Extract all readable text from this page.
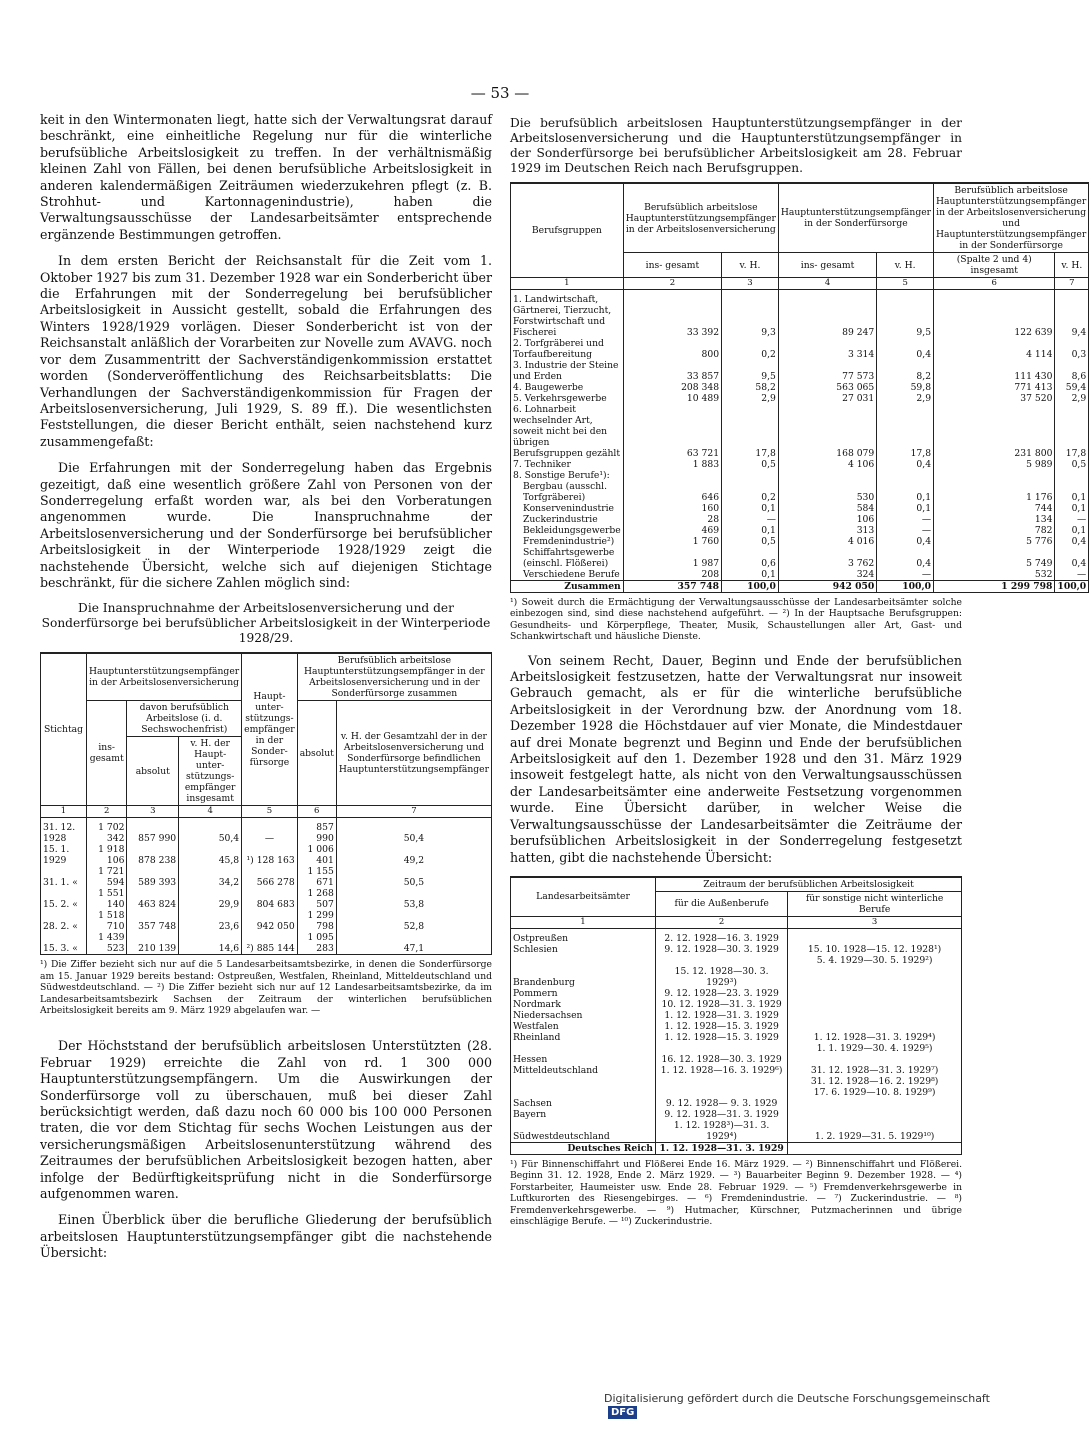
— 53 —

keit in den Wintermonaten liegt, hatte sich der Verwaltungsrat darauf beschränkt, eine einheitliche Regelung nur für die winterliche berufsübliche Arbeitslosigkeit zu treffen. In der verhältnismäßig kleinen Zahl von Fällen, bei denen berufsübliche Arbeitslosigkeit in anderen kalendermäßigen Zeiträumen wiederzukehren pflegt (z. B. Strohhut- und Kartonnagenindustrie), haben die Verwaltungsausschüsse der Landesarbeitsämter entsprechende ergänzende Bestimmungen getroffen.

In dem ersten Bericht der Reichsanstalt für die Zeit vom 1. Oktober 1927 bis zum 31. Dezember 1928 war ein Sonderbericht über die Erfahrungen mit der Sonderregelung bei berufsüblicher Arbeitslosigkeit in Aussicht gestellt, sobald die Erfahrungen des Winters 1928/1929 vorlägen. Dieser Sonderbericht ist von der Reichsanstalt anläßlich der Vorarbeiten zur Novelle zum AVAVG. noch vor dem Zusammentritt der Sachverständigenkommission erstattet worden (Sonderveröffentlichung des Reichsarbeitsblatts: Die Verhandlungen der Sachverständigenkommission für Fragen der Arbeitslosenversicherung, Juli 1929, S. 89 ff.). Die wesentlichsten Feststellungen, die dieser Bericht enthält, seien nachstehend kurz zusammengefaßt:

Die Erfahrungen mit der Sonderregelung haben das Ergebnis gezeitigt, daß eine wesentlich größere Zahl von Personen von der Sonderregelung erfaßt worden war, als bei den Vorberatungen angenommen wurde. Die Inanspruchnahme der Arbeitslosenversicherung und der Sonderfürsorge bei berufsüblicher Arbeitslosigkeit in der Winterperiode 1928/1929 zeigt die nachstehende Übersicht, welche sich auf diejenigen Stichtage beschränkt, für die sichere Zahlen möglich sind:

Die Inanspruchnahme der Arbeitslosenversicherung und der Sonderfürsorge bei berufsüblicher Arbeitslosigkeit in der Winterperiode 1928/29.
Stichtag	Hauptunterstützungsempfänger in der Arbeitslosenversicherung			Haupt- unter- stützungs- empfänger in der Sonder- fürsorge	Berufsüblich arbeitslose Hauptunterstützungsempfänger in der Arbeitslosenversicherung und in der Sonderfürsorge zusammen	
	ins- gesamt	davon berufsüblich Arbeitslose (i. d. Sechswochenfrist)			absolut	v. H. der Gesamtzahl der in der Arbeitslosenversicherung und Sonderfürsorge befindlichen Hauptunterstützungsempfänger
		absolut	v. H. der Haupt- unter- stützungs- empfänger insgesamt			
1	2	3	4	5	6	7
31. 12. 1928	1 702 342	857 990	50,4	—	857 990	50,4
15. 1. 1929	1 918 106	878 238	45,8	¹) 128 163	1 006 401	49,2
31. 1. «	1 721 594	589 393	34,2	566 278	1 155 671	50,5
15. 2. «	1 551 140	463 824	29,9	804 683	1 268 507	53,8
28. 2. «	1 518 710	357 748	23,6	942 050	1 299 798	52,8
15. 3. «	1 439 523	210 139	14,6	²) 885 144	1 095 283	47,1
¹) Die Ziffer bezieht sich nur auf die 5 Landesarbeitsamtsbezirke, in denen die Sonderfürsorge am 15. Januar 1929 bereits bestand: Ostpreußen, Westfalen, Rheinland, Mitteldeutschland und Südwestdeutschland. — ²) Die Ziffer bezieht sich nur auf 12 Landesarbeitsamtsbezirke, da im Landesarbeitsamtsbezirk Sachsen der Zeitraum der winterlichen berufsüblichen Arbeitslosigkeit bereits am 9. März 1929 abgelaufen war. —

Der Höchststand der berufsüblich arbeitslosen Unterstützten (28. Februar 1929) erreichte die Zahl von rd. 1 300 000 Hauptunterstützungsempfängern. Um die Auswirkungen der Sonderfürsorge voll zu überschauen, muß bei dieser Zahl berücksichtigt werden, daß dazu noch 60 000 bis 100 000 Personen traten, die vor dem Stichtag für sechs Wochen Leistungen aus der versicherungsmäßigen Arbeitslosenunterstützung während des Zeitraumes der berufsüblichen Arbeitslosigkeit bezogen hatten, aber infolge der Bedürftigkeitsprüfung nicht in die Sonderfürsorge aufgenommen waren.

Einen Überblick über die berufliche Gliederung der berufsüblich arbeitslosen Hauptunterstützungsempfänger gibt die nachstehende Übersicht:

Die berufsüblich arbeitslosen Hauptunterstützungsempfänger in der Arbeitslosenversicherung und die Hauptunterstützungsempfänger in der Sonderfürsorge bei berufsüblicher Arbeitslosigkeit am 28. Februar 1929 im Deutschen Reich nach Berufsgruppen.
Berufsgruppen	Berufsüblich arbeitslose Hauptunterstützungsempfänger in der Arbeitslosenversicherung		Hauptunterstützungsempfänger in der Sonderfürsorge		Berufsüblich arbeitslose Hauptunterstützungsempfänger in der Arbeitslosenversicherung und Hauptunterstützungsempfänger in der Sonderfürsorge	
	ins- gesamt	v. H.	ins- gesamt	v. H.	(Spalte 2 und 4) insgesamt	v. H.
1	2	3	4	5	6	7
1. Landwirtschaft, Gärtnerei, Tierzucht, Forstwirtschaft und Fischerei	33 392	9,3	89 247	9,5	122 639	9,4
2. Torfgräberei und Torfaufbereitung	800	0,2	3 314	0,4	4 114	0,3
3. Industrie der Steine und Erden	33 857	9,5	77 573	8,2	111 430	8,6
4. Baugewerbe	208 348	58,2	563 065	59,8	771 413	59,4
5. Verkehrsgewerbe	10 489	2,9	27 031	2,9	37 520	2,9
6. Lohnarbeit wechselnder Art, soweit nicht bei den übrigen Berufsgruppen gezählt	63 721	17,8	168 079	17,8	231 800	17,8
7. Techniker	1 883	0,5	4 106	0,4	5 989	0,5
8. Sonstige Berufe¹):						
Bergbau (ausschl. Torfgräberei)	646	0,2	530	0,1	1 176	0,1
Konservenindustrie	160	0,1	584	0,1	744	0,1
Zuckerindustrie	28	—	106	—	134	—
Bekleidungsgewerbe	469	0,1	313	—	782	0,1
Fremdenindustrie²)	1 760	0,5	4 016	0,4	5 776	0,4
Schiffahrtsgewerbe (einschl. Flößerei)	1 987	0,6	3 762	0,4	5 749	0,4
Verschiedene Berufe	208	0,1	324	—	532	—
Zusammen	357 748	100,0	942 050	100,0	1 299 798	100,0
¹) Soweit durch die Ermächtigung der Verwaltungsausschüsse der Landesarbeitsämter solche einbezogen sind, sind diese nachstehend aufgeführt. — ²) In der Hauptsache Berufsgruppen: Gesundheits- und Körperpflege, Theater, Musik, Schaustellungen aller Art, Gast- und Schankwirtschaft und häusliche Dienste.

Von seinem Recht, Dauer, Beginn und Ende der berufsüblichen Arbeitslosigkeit festzusetzen, hatte der Verwaltungsrat nur insoweit Gebrauch gemacht, als er für die winterliche berufsübliche Arbeitslosigkeit in der Verordnung bzw. der Anordnung vom 18. Dezember 1928 die Höchstdauer auf vier Monate, die Mindestdauer auf drei Monate begrenzt und Beginn und Ende der berufsüblichen Arbeitslosigkeit auf den 1. Dezember 1928 und den 31. März 1929 insoweit festgelegt hatte, als nicht von den Verwaltungsausschüssen der Landesarbeitsämter eine anderweite Festsetzung vorgenommen wurde. Eine Übersicht darüber, in welcher Weise die Verwaltungsausschüsse der Landesarbeitsämter die Zeiträume der berufsüblichen Arbeitslosigkeit in der Sonderregelung festgesetzt hatten, gibt die nachstehende Übersicht:

Landesarbeitsämter	Zeitraum der berufsüblichen Arbeitslosigkeit	
	für die Außenberufe	für sonstige nicht winterliche Berufe
1	2	3
Ostpreußen	2. 12. 1928—16. 3. 1929	
Schlesien	9. 12. 1928—30. 3. 1929	15. 10. 1928—15. 12. 1928¹)
		5. 4. 1929—30. 5. 1929²)
Brandenburg	15. 12. 1928—30. 3. 1929³)	
Pommern	9. 12. 1928—23. 3. 1929	
Nordmark	10. 12. 1928—31. 3. 1929	
Niedersachsen	1. 12. 1928—31. 3. 1929	
Westfalen	1. 12. 1928—15. 3. 1929	
Rheinland	1. 12. 1928—15. 3. 1929	1. 12. 1928—31. 3. 1929⁴)
		1. 1. 1929—30. 4. 1929⁵)
Hessen	16. 12. 1928—30. 3. 1929	
Mitteldeutschland	1. 12. 1928—16. 3. 1929⁶)	31. 12. 1928—31. 3. 1929⁷)
		31. 12. 1928—16. 2. 1929⁸)
		17. 6. 1929—10. 8. 1929⁹)
Sachsen	9. 12. 1928— 9. 3. 1929	
Bayern	9. 12. 1928—31. 3. 1929	
Südwestdeutschland	1. 12. 1928³)—31. 3. 1929⁴)	1. 2. 1929—31. 5. 1929¹⁰)
Deutsches Reich	1. 12. 1928—31. 3. 1929	
¹) Für Binnenschiffahrt und Flößerei Ende 16. März 1929. — ²) Binnenschiffahrt und Flößerei. Beginn 31. 12. 1928, Ende 2. März 1929. — ³) Bauarbeiter Beginn 9. Dezember 1928. — ⁴) Forstarbeiter, Haumeister usw. Ende 28. Februar 1929. — ⁵) Fremdenverkehrsgewerbe in Luftkurorten des Riesengebirges. — ⁶) Fremdenindustrie. — ⁷) Zuckerindustrie. — ⁸) Fremdenverkehrsgewerbe. — ⁹) Hutmacher, Kürschner, Putzmacherinnen und übrige einschlägige Berufe. — ¹⁰) Zuckerindustrie.
Digitalisierung gefördert durch die Deutsche ForschungsgemeinschaftDFG
